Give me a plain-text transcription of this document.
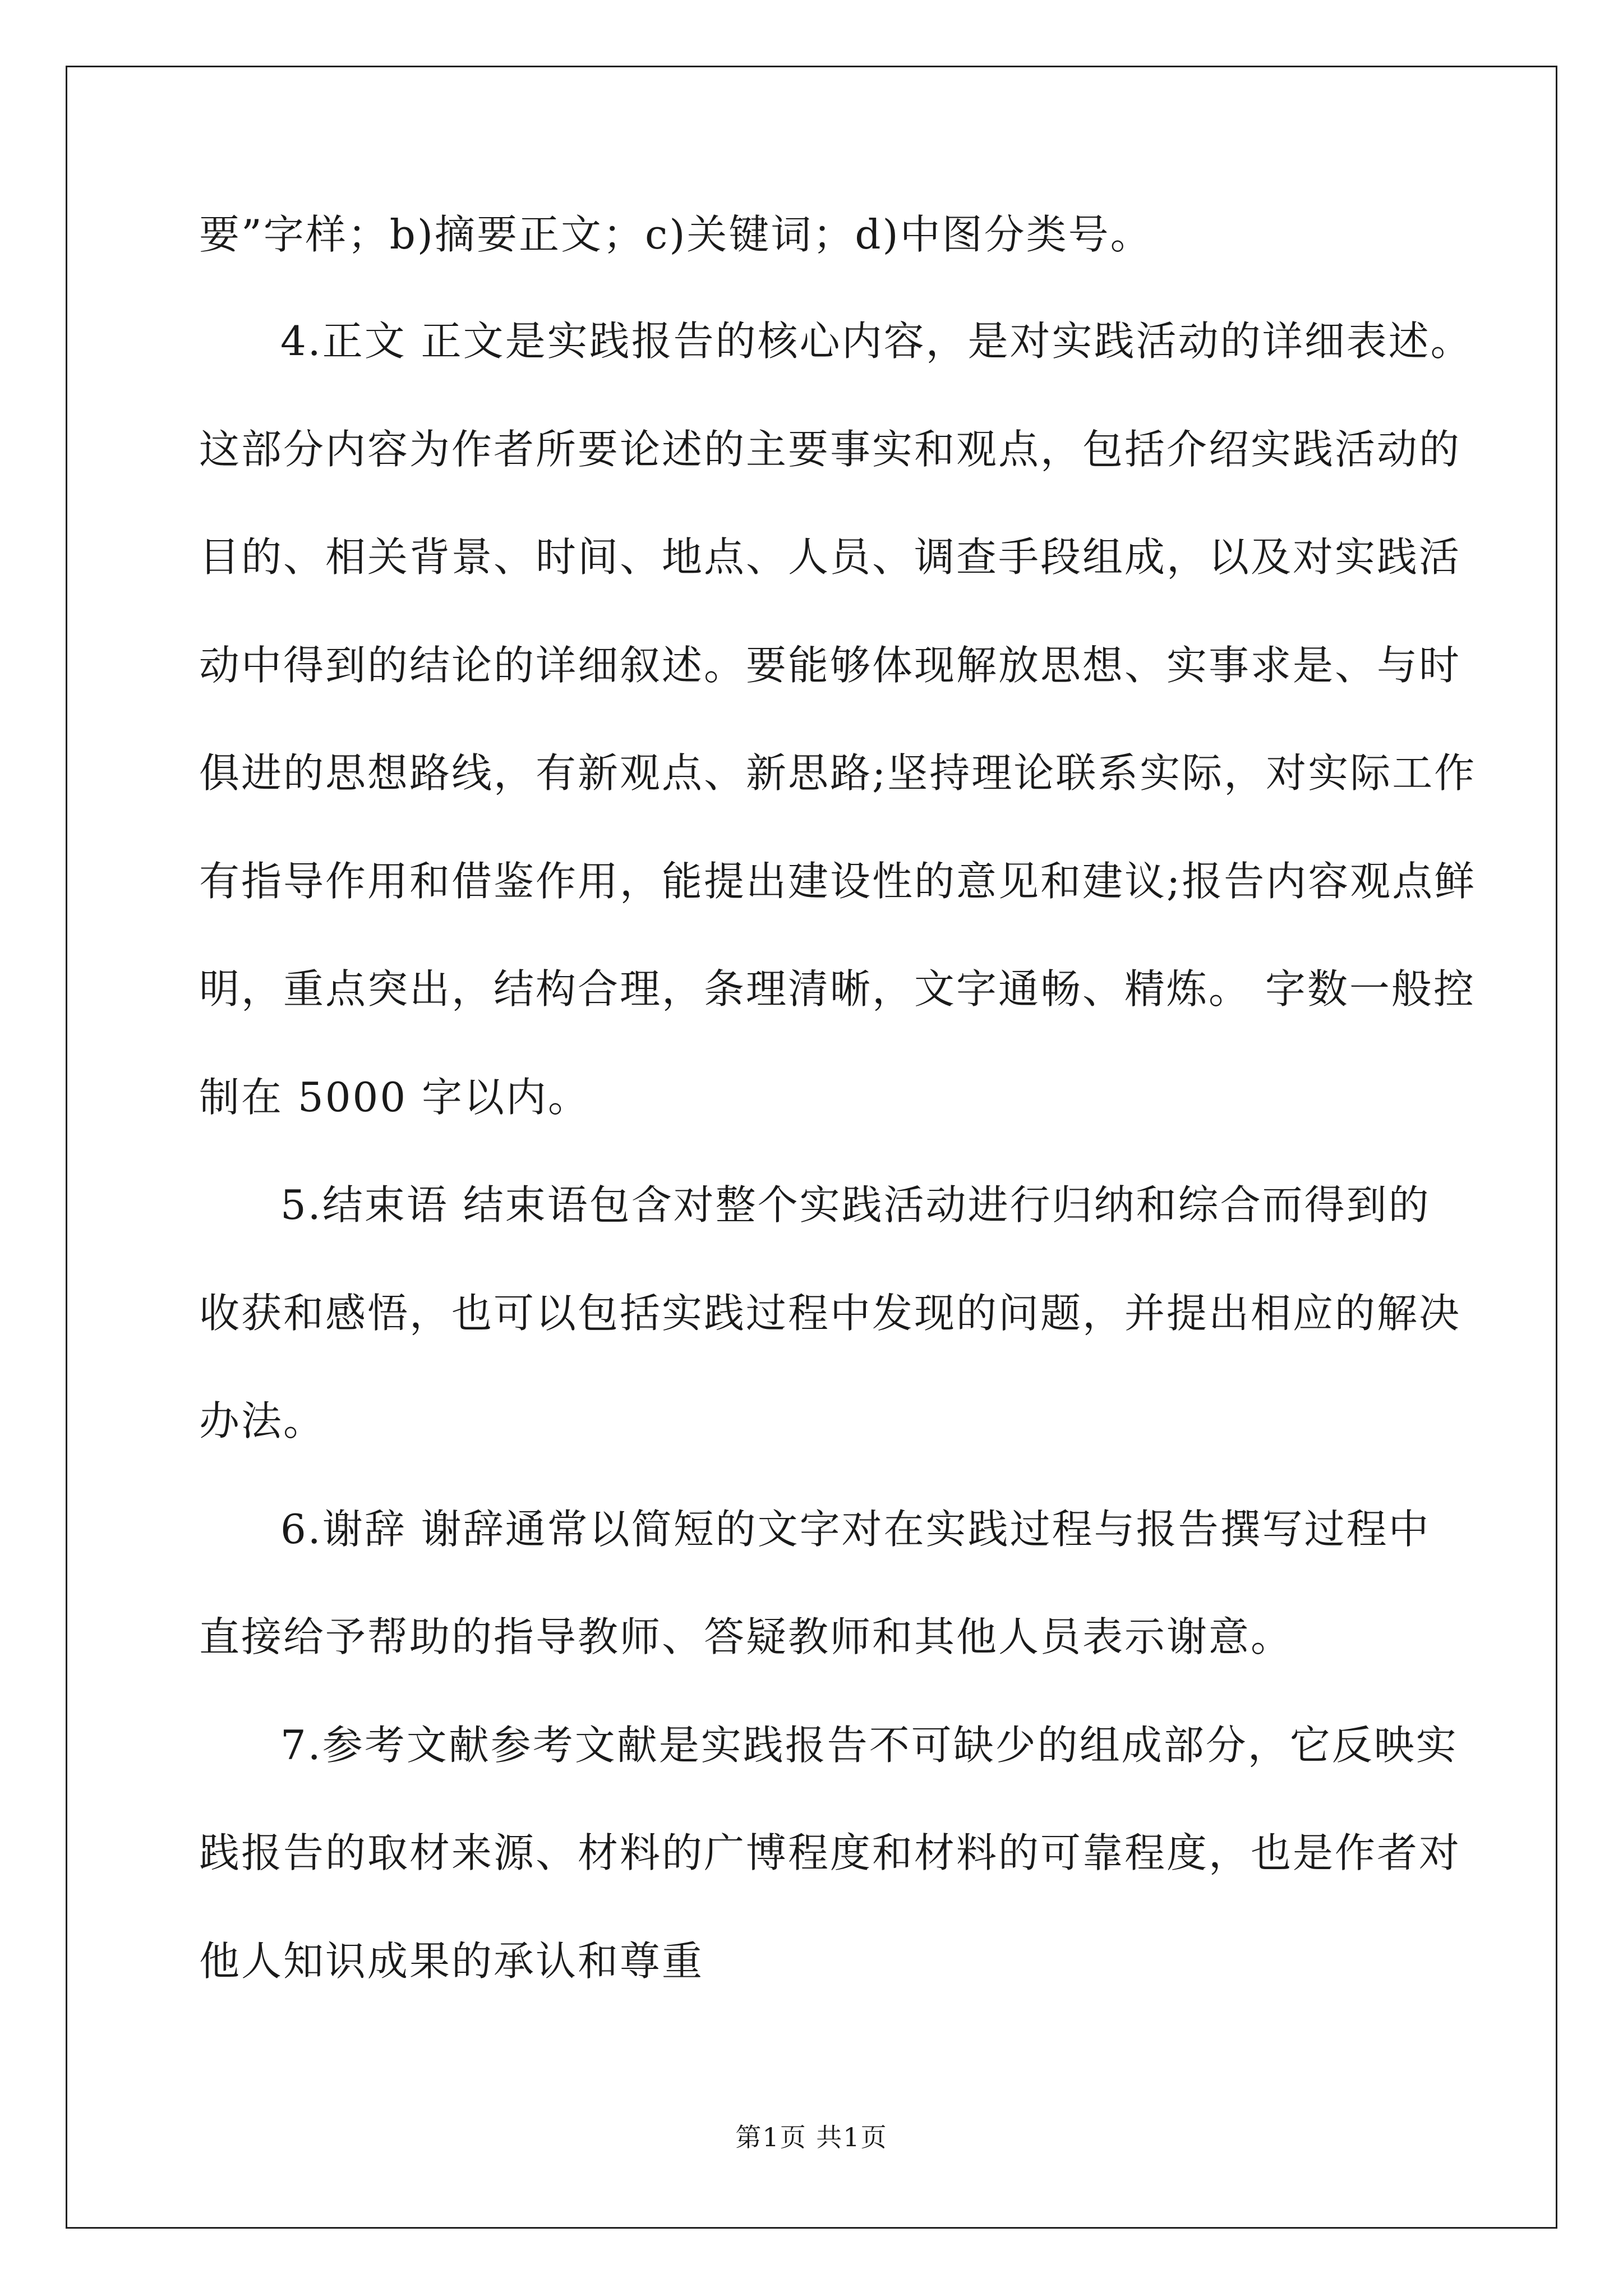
要”字样；b)摘要正文；c)关键词；d)中图分类号。
4.正文 正文是实践报告的核心内容，是对实践活动的详细表述。
这部分内容为作者所要论述的主要事实和观点，包括介绍实践活动的
目的、相关背景、时间、地点、人员、调查手段组成，以及对实践活
动中得到的结论的详细叙述。要能够体现解放思想、实事求是、与时
俱进的思想路线，有新观点、新思路;坚持理论联系实际，对实际工作
有指导作用和借鉴作用，能提出建设性的意见和建议;报告内容观点鲜
明，重点突出，结构合理，条理清晰，文字通畅、精炼。 字数一般控
制在 5000 字以内。
5.结束语 结束语包含对整个实践活动进行归纳和综合而得到的
收获和感悟，也可以包括实践过程中发现的问题，并提出相应的解决
办法。
6.谢辞 谢辞通常以简短的文字对在实践过程与报告撰写过程中
直接给予帮助的指导教师、答疑教师和其他人员表示谢意。
7.参考文献参考文献是实践报告不可缺少的组成部分，它反映实
践报告的取材来源、材料的广博程度和材料的可靠程度，也是作者对
他人知识成果的承认和尊重
第1页 共1页
